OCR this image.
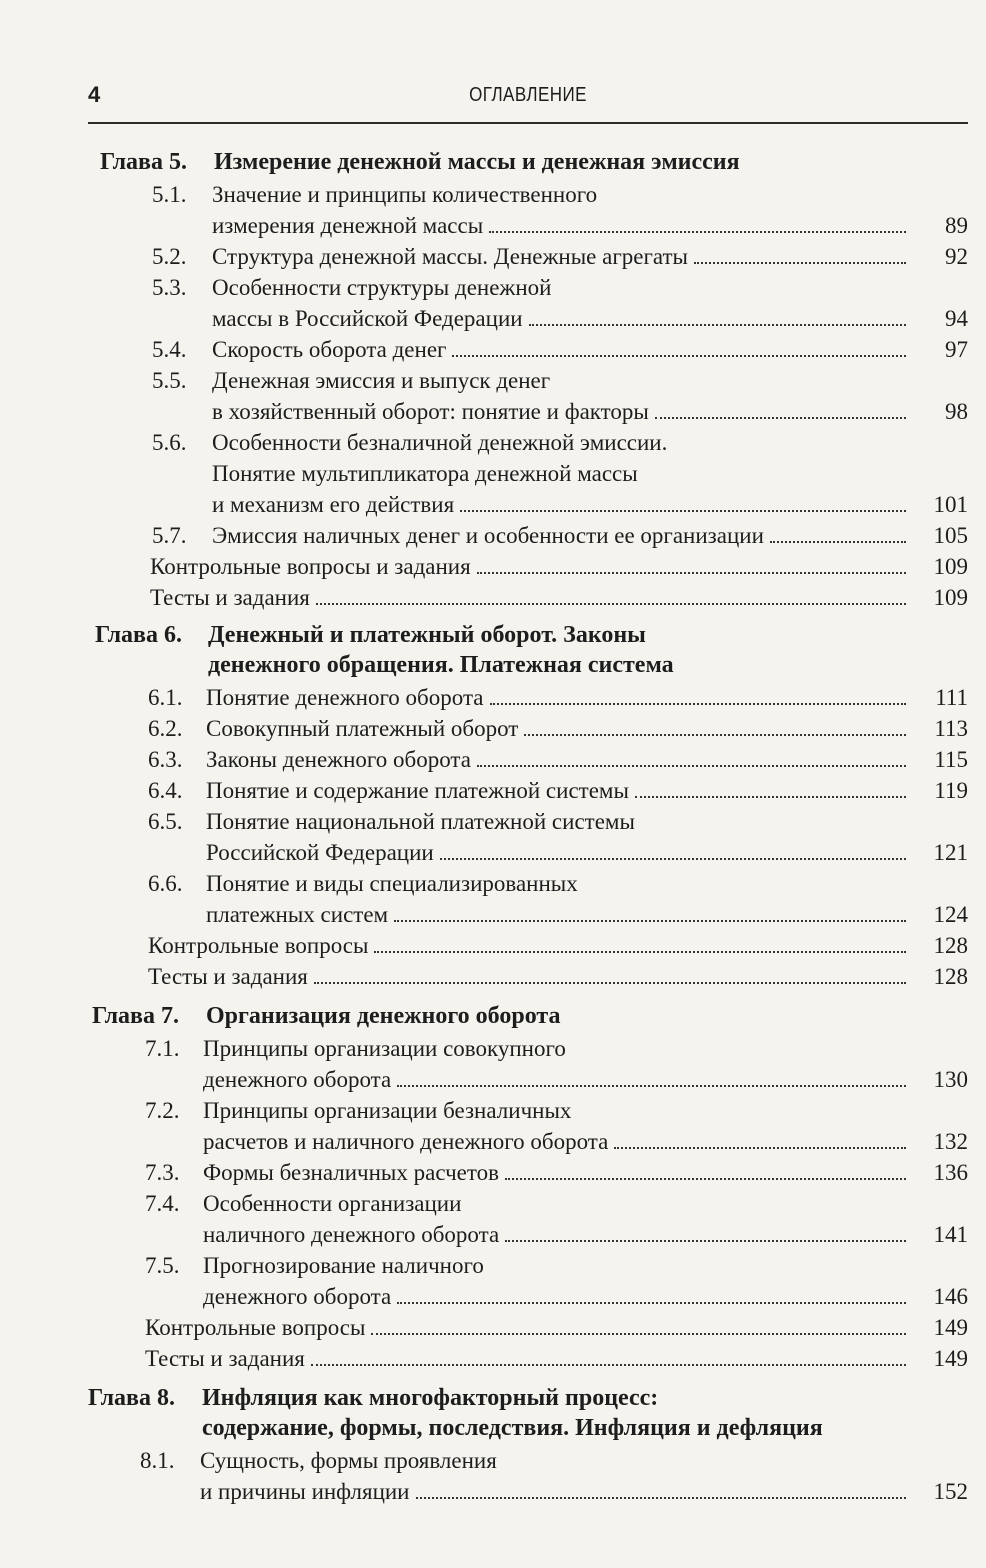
4	ОГЛАВЛЕНИЕ
Глава 5. Измерение денежной массы и денежная эмиссия
5.1. Значение и принципы количественного
измерения денежной массы	89
5.2. Структура денежной массы. Денежные агрегаты	92
5.3. Особенности структуры денежной
массы в Российской Федерации	94
5.4. Скорость оборота денег	97
5.5. Денежная эмиссия и выпуск денег
в хозяйственный оборот: понятие и факторы	98
5.6. Особенности безналичной денежной эмиссии.
Понятие мультипликатора денежной массы
и механизм его действия	101
5.7. Эмиссия наличных денег и особенности ее организации	105
Контрольные вопросы и задания	109
Тесты и задания	109
Глава 6. Денежный и платежный оборот. Законы
денежного обращения. Платежная система
6.1. Понятие денежного оборота	111
6.2. Совокупный платежный оборот	113
6.3. Законы денежного оборота	115
6.4. Понятие и содержание платежной системы	119
6.5. Понятие национальной платежной системы
Российской Федерации	121
6.6. Понятие и виды специализированных
платежных систем	124
Контрольные вопросы	128
Тесты и задания	128
Глава 7. Организация денежного оборота
7.1. Принципы организации совокупного
денежного оборота	130
7.2. Принципы организации безналичных
расчетов и наличного денежного оборота	132
7.3. Формы безналичных расчетов	136
7.4. Особенности организации
наличного денежного оборота	141
7.5. Прогнозирование наличного
денежного оборота	146
Контрольные вопросы	149
Тесты и задания	149
Глава 8. Инфляция как многофакторный процесс:
содержание, формы, последствия. Инфляция и дефляция
8.1. Сущность, формы проявления
и причины инфляции	152
